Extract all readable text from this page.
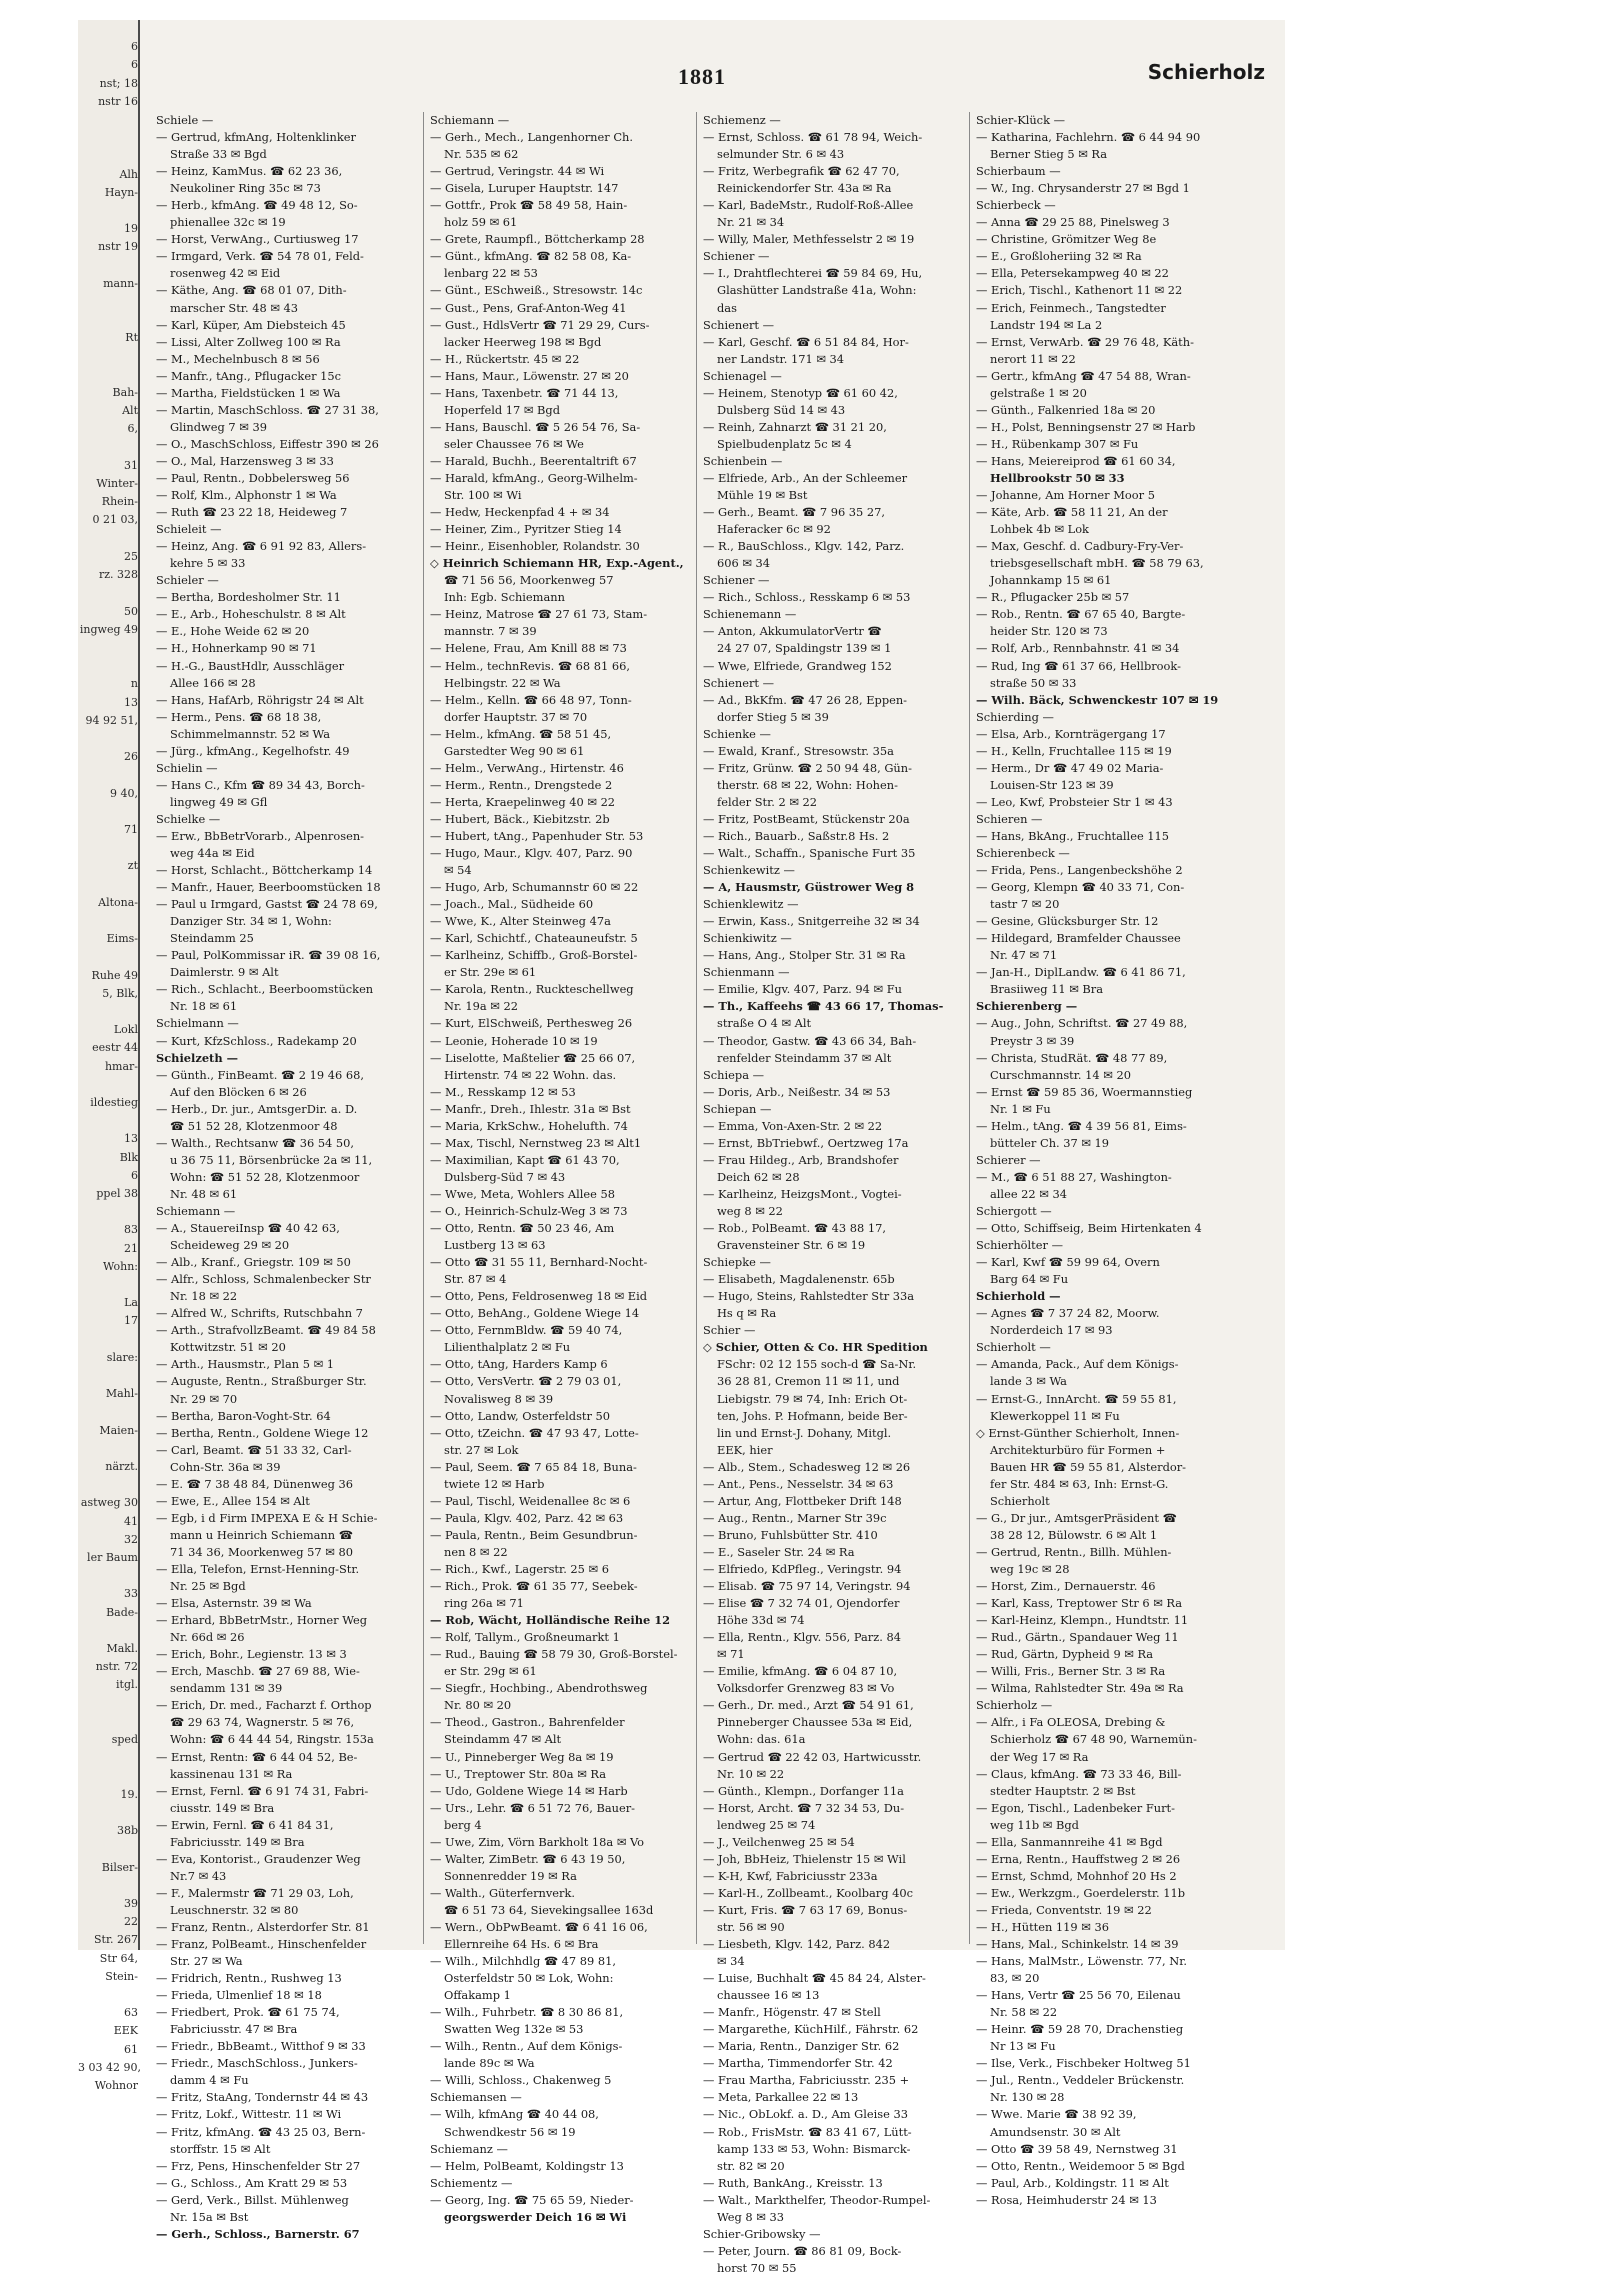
6
6
nst; 18
nstr 16

Alh
Hayn-

19
nstr 19

mann-

Rt

Bah-
Alt
6,

31
Winter-
Rhein-
0 21 03,

25
rz. 328

50
ingweg 49

n
13
94 92 51,

26

9 40,

71

zt

Altona-

Eims-

Ruhe 49
5, Blk,

Lokl
eestr 44
hmar-

ildestieg

13
Blk
6
ppel 38

83
21
Wohn:

La
17

slare:

Mahl-

Maien-

närzt.

astweg 30
41
32
ler Baum

33
Bade-

Makl.
nstr. 72
itgl.

sped

19.

38b

Bilser-

39
22
Str. 267
Str 64,
Stein-

63
EEK
61
3 03 42 90,
Wohnor
1881	Schierholz
Schiele —
— Gertrud, kfmAng, Holtenklinker
Straße 33 ✉ Bgd
— Heinz, KamMus. ☎ 62 23 36,
Neukoliner Ring 35c ✉ 73
— Herb., kfmAng. ☎ 49 48 12, So-
phienallee 32c ✉ 19
— Horst, VerwAng., Curtiusweg 17
— Irmgard, Verk. ☎ 54 78 01, Feld-
rosenweg 42 ✉ Eid
— Käthe, Ang. ☎ 68 01 07, Dith-
marscher Str. 48 ✉ 43
— Karl, Küper, Am Diebsteich 45
— Lissi, Alter Zollweg 100 ✉ Ra
— M., Mechelnbusch 8 ✉ 56
— Manfr., tAng., Pflugacker 15c
— Martha, Fieldstücken 1 ✉ Wa
— Martin, MaschSchloss. ☎ 27 31 38,
Glindweg 7 ✉ 39
— O., MaschSchloss, Eiffestr 390 ✉ 26
— O., Mal, Harzensweg 3 ✉ 33
— Paul, Rentn., Dobbelersweg 56
— Rolf, Klm., Alphonstr 1 ✉ Wa
— Ruth ☎ 23 22 18, Heideweg 7
Schieleit —
— Heinz, Ang. ☎ 6 91 92 83, Allers-
kehre 5 ✉ 33
Schieler —
— Bertha, Bordesholmer Str. 11
— E., Arb., Hoheschulstr. 8 ✉ Alt
— E., Hohe Weide 62 ✉ 20
— H., Hohnerkamp 90 ✉ 71
— H.-G., BaustHdlr, Ausschläger
Allee 166 ✉ 28
— Hans, HafArb, Röhrigstr 24 ✉ Alt
— Herm., Pens. ☎ 68 18 38,
Schimmelmannstr. 52 ✉ Wa
— Jürg., kfmAng., Kegelhofstr. 49
Schielin —
— Hans C., Kfm ☎ 89 34 43, Borch-
lingweg 49 ✉ Gfl
Schielke —
— Erw., BbBetrVorarb., Alpenrosen-
weg 44a ✉ Eid
— Horst, Schlacht., Böttcherkamp 14
— Manfr., Hauer, Beerboomstücken 18
— Paul u Irmgard, Gastst ☎ 24 78 69,
Danziger Str. 34 ✉ 1, Wohn:
Steindamm 25
— Paul, PolKommissar iR. ☎ 39 08 16,
Daimlerstr. 9 ✉ Alt
— Rich., Schlacht., Beerboomstücken
Nr. 18 ✉ 61
Schielmann —
— Kurt, KfzSchloss., Radekamp 20
Schielzeth —
— Günth., FinBeamt. ☎ 2 19 46 68,
Auf den Blöcken 6 ✉ 26
— Herb., Dr. jur., AmtsgerDir. a. D.
☎ 51 52 28, Klotzenmoor 48
— Walth., Rechtsanw ☎ 36 54 50,
u 36 75 11, Börsenbrücke 2a ✉ 11,
Wohn: ☎ 51 52 28, Klotzenmoor
Nr. 48 ✉ 61
Schiemann —
— A., StauereiInsp ☎ 40 42 63,
Scheideweg 29 ✉ 20
— Alb., Kranf., Griegstr. 109 ✉ 50
— Alfr., Schloss, Schmalenbecker Str
Nr. 18 ✉ 22
— Alfred W., Schrifts, Rutschbahn 7
— Arth., StrafvollzBeamt. ☎ 49 84 58
Kottwitzstr. 51 ✉ 20
— Arth., Hausmstr., Plan 5 ✉ 1
— Auguste, Rentn., Straßburger Str.
Nr. 29 ✉ 70
— Bertha, Baron-Voght-Str. 64
— Bertha, Rentn., Goldene Wiege 12
— Carl, Beamt. ☎ 51 33 32, Carl-
Cohn-Str. 36a ✉ 39
— E. ☎ 7 38 48 84, Dünenweg 36
— Ewe, E., Allee 154 ✉ Alt
— Egb, i d Firm IMPEXA E & H Schie-
mann u Heinrich Schiemann ☎
71 34 36, Moorkenweg 57 ✉ 80
— Ella, Telefon, Ernst-Henning-Str.
Nr. 25 ✉ Bgd
— Elsa, Asternstr. 39 ✉ Wa
— Erhard, BbBetrMstr., Horner Weg
Nr. 66d ✉ 26
— Erich, Bohr., Legienstr. 13 ✉ 3
— Erch, Maschb. ☎ 27 69 88, Wie-
sendamm 131 ✉ 39
— Erich, Dr. med., Facharzt f. Orthop
☎ 29 63 74, Wagnerstr. 5 ✉ 76,
Wohn: ☎ 6 44 44 54, Ringstr. 153a
— Ernst, Rentn: ☎ 6 44 04 52, Be-
kassinenau 131 ✉ Ra
— Ernst, Fernl. ☎ 6 91 74 31, Fabri-
ciusstr. 149 ✉ Bra
— Erwin, Fernl. ☎ 6 41 84 31,
Fabriciusstr. 149 ✉ Bra
— Eva, Kontorist., Graudenzer Weg
Nr.7 ✉ 43
— F., Malermstr ☎ 71 29 03, Loh,
Leuschnerstr. 32 ✉ 80
— Franz, Rentn., Alsterdorfer Str. 81
— Franz, PolBeamt., Hinschenfelder
Str. 27 ✉ Wa
— Fridrich, Rentn., Rushweg 13
— Frieda, Ulmenlief 18 ✉ 18
— Friedbert, Prok. ☎ 61 75 74,
Fabriciusstr. 47 ✉ Bra
— Friedr., BbBeamt., Witthof 9 ✉ 33
— Friedr., MaschSchloss., Junkers-
damm 4 ✉ Fu
— Fritz, StaAng, Tondernstr 44 ✉ 43
— Fritz, Lokf., Wittestr. 11 ✉ Wi
— Fritz, kfmAng. ☎ 43 25 03, Bern-
storffstr. 15 ✉ Alt
— Frz, Pens, Hinschenfelder Str 27
— G., Schloss., Am Kratt 29 ✉ 53
— Gerd, Verk., Billst. Mühlenweg
Nr. 15a ✉ Bst
— Gerh., Schloss., Barnerstr. 67
Schiemann —
— Gerh., Mech., Langenhorner Ch.
Nr. 535 ✉ 62
— Gertrud, Veringstr. 44 ✉ Wi
— Gisela, Luruper Hauptstr. 147
— Gottfr., Prok ☎ 58 49 58, Hain-
holz 59 ✉ 61
— Grete, Raumpfl., Böttcherkamp 28
— Günt., kfmAng. ☎ 82 58 08, Ka-
lenbarg 22 ✉ 53
— Günt., ESchweiß., Stresowstr. 14c
— Gust., Pens, Graf-Anton-Weg 41
— Gust., HdlsVertr ☎ 71 29 29, Curs-
lacker Heerweg 198 ✉ Bgd
— H., Rückertstr. 45 ✉ 22
— Hans, Maur., Löwenstr. 27 ✉ 20
— Hans, Taxenbetr. ☎ 71 44 13,
Hoperfeld 17 ✉ Bgd
— Hans, Bauschl. ☎ 5 26 54 76, Sa-
seler Chaussee 76 ✉ We
— Harald, Buchh., Beerentaltrift 67
— Harald, kfmAng., Georg-Wilhelm-
Str. 100 ✉ Wi
— Hedw, Heckenpfad 4 + ✉ 34
— Heiner, Zim., Pyritzer Stieg 14
— Heinr., Eisenhobler, Rolandstr. 30
◇ Heinrich Schiemann HR, Exp.-Agent.,
☎ 71 56 56, Moorkenweg 57
Inh: Egb. Schiemann
— Heinz, Matrose ☎ 27 61 73, Stam-
mannstr. 7 ✉ 39
— Helene, Frau, Am Knill 88 ✉ 73
— Helm., technRevis. ☎ 68 81 66,
Helbingstr. 22 ✉ Wa
— Helm., Kelln. ☎ 66 48 97, Tonn-
dorfer Hauptstr. 37 ✉ 70
— Helm., kfmAng. ☎ 58 51 45,
Garstedter Weg 90 ✉ 61
— Helm., VerwAng., Hirtenstr. 46
— Herm., Rentn., Drengstede 2
— Herta, Kraepelinweg 40 ✉ 22
— Hubert, Bäck., Kiebitzstr. 2b
— Hubert, tAng., Papenhuder Str. 53
— Hugo, Maur., Klgv. 407, Parz. 90
✉ 54
— Hugo, Arb, Schumannstr 60 ✉ 22
— Joach., Mal., Südheide 60
— Wwe, K., Alter Steinweg 47a
— Karl, Schichtf., Chateauneufstr. 5
— Karlheinz, Schiffb., Groß-Borstel-
er Str. 29e ✉ 61
— Karola, Rentn., Ruckteschellweg
Nr. 19a ✉ 22
— Kurt, ElSchweiß, Perthesweg 26
— Leonie, Hoherade 10 ✉ 19
— Liselotte, Maßtelier ☎ 25 66 07,
Hirtenstr. 74 ✉ 22 Wohn. das.
— M., Resskamp 12 ✉ 53
— Manfr., Dreh., Ihlestr. 31a ✉ Bst
— Maria, KrkSchw., Hohelufth. 74
— Max, Tischl, Nernstweg 23 ✉ Alt1
— Maximilian, Kapt ☎ 61 43 70,
Dulsberg-Süd 7 ✉ 43
— Wwe, Meta, Wohlers Allee 58
— O., Heinrich-Schulz-Weg 3 ✉ 73
— Otto, Rentn. ☎ 50 23 46, Am
Lustberg 13 ✉ 63
— Otto ☎ 31 55 11, Bernhard-Nocht-
Str. 87 ✉ 4
— Otto, Pens, Feldrosenweg 18 ✉ Eid
— Otto, BehAng., Goldene Wiege 14
— Otto, FernmBldw. ☎ 59 40 74,
Lilienthalplatz 2 ✉ Fu
— Otto, tAng, Harders Kamp 6
— Otto, VersVertr. ☎ 2 79 03 01,
Novalisweg 8 ✉ 39
— Otto, Landw, Osterfeldstr 50
— Otto, tZeichn. ☎ 47 93 47, Lotte-
str. 27 ✉ Lok
— Paul, Seem. ☎ 7 65 84 18, Buna-
twiete 12 ✉ Harb
— Paul, Tischl, Weidenallee 8c ✉ 6
— Paula, Klgv. 402, Parz. 42 ✉ 63
— Paula, Rentn., Beim Gesundbrun-
nen 8 ✉ 22
— Rich., Kwf., Lagerstr. 25 ✉ 6
— Rich., Prok. ☎ 61 35 77, Seebek-
ring 26a ✉ 71
— Rob, Wächt, Holländische Reihe 12
— Rolf, Tallym., Großneumarkt 1
— Rud., Bauing ☎ 58 79 30, Groß-Borstel-
er Str. 29g ✉ 61
— Siegfr., Hochbing., Abendrothsweg
Nr. 80 ✉ 20
— Theod., Gastron., Bahrenfelder
Steindamm 47 ✉ Alt
— U., Pinneberger Weg 8a ✉ 19
— U., Treptower Str. 80a ✉ Ra
— Udo, Goldene Wiege 14 ✉ Harb
— Urs., Lehr. ☎ 6 51 72 76, Bauer-
berg 4
— Uwe, Zim, Vörn Barkholt 18a ✉ Vo
— Walter, ZimBetr. ☎ 6 43 19 50,
Sonnenredder 19 ✉ Ra
— Walth., Güterfernverk.
☎ 6 51 73 64, Sievekingsallee 163d
— Wern., ObPwBeamt. ☎ 6 41 16 06,
Ellernreihe 64 Hs. 6 ✉ Bra
— Wilh., Milchhdlg ☎ 47 89 81,
Osterfeldstr 50 ✉ Lok, Wohn:
Offakamp 1
— Wilh., Fuhrbetr. ☎ 8 30 86 81,
Swatten Weg 132e ✉ 53
— Wilh., Rentn., Auf dem Königs-
lande 89c ✉ Wa
— Willi, Schloss., Chakenweg 5
Schiemansen —
— Wilh, kfmAng ☎ 40 44 08,
Schwendkestr 56 ✉ 19
Schiemanz —
— Helm, PolBeamt, Koldingstr 13
Schiementz —
— Georg, Ing. ☎ 75 65 59, Nieder-
georgswerder Deich 16 ✉ Wi
Schiemenz —
— Ernst, Schloss. ☎ 61 78 94, Weich-
selmunder Str. 6 ✉ 43
— Fritz, Werbegrafik ☎ 62 47 70,
Reinickendorfer Str. 43a ✉ Ra
— Karl, BadeMstr., Rudolf-Roß-Allee
Nr. 21 ✉ 34
— Willy, Maler, Methfesselstr 2 ✉ 19
Schiener —
— I., Drahtflechterei ☎ 59 84 69, Hu,
Glashütter Landstraße 41a, Wohn:
das
Schienert —
— Karl, Geschf. ☎ 6 51 84 84, Hor-
ner Landstr. 171 ✉ 34
Schienagel —
— Heinem, Stenotyp ☎ 61 60 42,
Dulsberg Süd 14 ✉ 43
— Reinh, Zahnarzt ☎ 31 21 20,
Spielbudenplatz 5c ✉ 4
Schienbein —
— Elfriede, Arb., An der Schleemer
Mühle 19 ✉ Bst
— Gerh., Beamt. ☎ 7 96 35 27,
Haferacker 6c ✉ 92
— R., BauSchloss., Klgv. 142, Parz.
606 ✉ 34
Schiener —
— Rich., Schloss., Resskamp 6 ✉ 53
Schienemann —
— Anton, AkkumulatorVertr ☎
24 27 07, Spaldingstr 139 ✉ 1
— Wwe, Elfriede, Grandweg 152
Schienert —
— Ad., BkKfm. ☎ 47 26 28, Eppen-
dorfer Stieg 5 ✉ 39
Schienke —
— Ewald, Kranf., Stresowstr. 35a
— Fritz, Grünw. ☎ 2 50 94 48, Gün-
therstr. 68 ✉ 22, Wohn: Hohen-
felder Str. 2 ✉ 22
— Fritz, PostBeamt, Stückenstr 20a
— Rich., Bauarb., Saßstr.8 Hs. 2
— Walt., Schaffn., Spanische Furt 35
Schienkewitz —
— A, Hausmstr, Güstrower Weg 8
Schienklewitz —
— Erwin, Kass., Snitgerreihe 32 ✉ 34
Schienkiwitz —
— Hans, Ang., Stolper Str. 31 ✉ Ra
Schienmann —
— Emilie, Klgv. 407, Parz. 94 ✉ Fu
— Th., Kaffeehs ☎ 43 66 17, Thomas-
straße O 4 ✉ Alt
— Theodor, Gastw. ☎ 43 66 34, Bah-
renfelder Steindamm 37 ✉ Alt
Schiepa —
— Doris, Arb., Neißestr. 34 ✉ 53
Schiepan —
— Emma, Von-Axen-Str. 2 ✉ 22
— Ernst, BbTriebwf., Oertzweg 17a
— Frau Hildeg., Arb, Brandshofer
Deich 62 ✉ 28
— Karlheinz, HeizgsMont., Vogtei-
weg 8 ✉ 22
— Rob., PolBeamt. ☎ 43 88 17,
Gravensteiner Str. 6 ✉ 19
Schiepke —
— Elisabeth, Magdalenenstr. 65b
— Hugo, Steins, Rahlstedter Str 33a
Hs q ✉ Ra
Schier —
◇ Schier, Otten & Co. HR Spedition
FSchr: 02 12 155 soch-d ☎ Sa-Nr.
36 28 81, Cremon 11 ✉ 11, und
Liebigstr. 79 ✉ 74, Inh: Erich Ot-
ten, Johs. P. Hofmann, beide Ber-
lin und Ernst-J. Dohany, Mitgl.
EEK, hier
— Alb., Stem., Schadesweg 12 ✉ 26
— Ant., Pens., Nesselstr. 34 ✉ 63
— Artur, Ang, Flottbeker Drift 148
— Aug., Rentn., Marner Str 39c
— Bruno, Fuhlsbütter Str. 410
— E., Saseler Str. 24 ✉ Ra
— Elfriedo, KdPfleg., Veringstr. 94
— Elisab. ☎ 75 97 14, Veringstr. 94
— Elise ☎ 7 32 74 01, Ojendorfer
Höhe 33d ✉ 74
— Ella, Rentn., Klgv. 556, Parz. 84
✉ 71
— Emilie, kfmAng. ☎ 6 04 87 10,
Volksdorfer Grenzweg 83 ✉ Vo
— Gerh., Dr. med., Arzt ☎ 54 91 61,
Pinneberger Chaussee 53a ✉ Eid,
Wohn: das. 61a
— Gertrud ☎ 22 42 03, Hartwicusstr.
Nr. 10 ✉ 22
— Günth., Klempn., Dorfanger 11a
— Horst, Archt. ☎ 7 32 34 53, Du-
lendweg 25 ✉ 74
— J., Veilchenweg 25 ✉ 54
— Joh, BbHeiz, Thielenstr 15 ✉ Wil
— K-H, Kwf, Fabriciusstr 233a
— Karl-H., Zollbeamt., Koolbarg 40c
— Kurt, Fris. ☎ 7 63 17 69, Bonus-
str. 56 ✉ 90
— Liesbeth, Klgv. 142, Parz. 842
✉ 34
— Luise, Buchhalt ☎ 45 84 24, Alster-
chaussee 16 ✉ 13
— Manfr., Högenstr. 47 ✉ Stell
— Margarethe, KüchHilf., Fährstr. 62
— Maria, Rentn., Danziger Str. 62
— Martha, Timmendorfer Str. 42
— Frau Martha, Fabriciusstr. 235 +
— Meta, Parkallee 22 ✉ 13
— Nic., ObLokf. a. D., Am Gleise 33
— Rob., FrisMstr. ☎ 83 41 67, Lütt-
kamp 133 ✉ 53, Wohn: Bismarck-
str. 82 ✉ 20
— Ruth, BankAng., Kreisstr. 13
— Walt., Markthelfer, Theodor-Rumpel-
Weg 8 ✉ 33
Schier-Gribowsky —
— Peter, Journ. ☎ 86 81 09, Bock-
horst 70 ✉ 55
Schier-Klück —
— Katharina, Fachlehrn. ☎ 6 44 94 90
Berner Stieg 5 ✉ Ra
Schierbaum —
— W., Ing. Chrysanderstr 27 ✉ Bgd 1
Schierbeck —
— Anna ☎ 29 25 88, Pinelsweg 3
— Christine, Grömitzer Weg 8e
— E., Großloheriing 32 ✉ Ra
— Ella, Petersekampweg 40 ✉ 22
— Erich, Tischl., Kathenort 11 ✉ 22
— Erich, Feinmech., Tangstedter
Landstr 194 ✉ La 2
— Ernst, VerwArb. ☎ 29 76 48, Käth-
nerort 11 ✉ 22
— Gertr., kfmAng ☎ 47 54 88, Wran-
gelstraße 1 ✉ 20
— Günth., Falkenried 18a ✉ 20
— H., Polst, Benningsenstr 27 ✉ Harb
— H., Rübenkamp 307 ✉ Fu
— Hans, Meiereiprod ☎ 61 60 34,
Hellbrookstr 50 ✉ 33
— Johanne, Am Horner Moor 5
— Käte, Arb. ☎ 58 11 21, An der
Lohbek 4b ✉ Lok
— Max, Geschf. d. Cadbury-Fry-Ver-
triebsgesellschaft mbH. ☎ 58 79 63,
Johannkamp 15 ✉ 61
— R., Pflugacker 25b ✉ 57
— Rob., Rentn. ☎ 67 65 40, Bargte-
heider Str. 120 ✉ 73
— Rolf, Arb., Rennbahnstr. 41 ✉ 34
— Rud, Ing ☎ 61 37 66, Hellbrook-
straße 50 ✉ 33
— Wilh. Bäck, Schwenckestr 107 ✉ 19
Schierding —
— Elsa, Arb., Kornträgergang 17
— H., Kelln, Fruchtallee 115 ✉ 19
— Herm., Dr ☎ 47 49 02 Maria-
Louisen-Str 123 ✉ 39
— Leo, Kwf, Probsteier Str 1 ✉ 43
Schieren —
— Hans, BkAng., Fruchtallee 115
Schierenbeck —
— Frida, Pens., Langenbeckshöhe 2
— Georg, Klempn ☎ 40 33 71, Con-
tastr 7 ✉ 20
— Gesine, Glücksburger Str. 12
— Hildegard, Bramfelder Chaussee
Nr. 47 ✉ 71
— Jan-H., DiplLandw. ☎ 6 41 86 71,
Brasiiweg 11 ✉ Bra
Schierenberg —
— Aug., John, Schriftst. ☎ 27 49 88,
Preystr 3 ✉ 39
— Christa, StudRät. ☎ 48 77 89,
Curschmannstr. 14 ✉ 20
— Ernst ☎ 59 85 36, Woermannstieg
Nr. 1 ✉ Fu
— Helm., tAng. ☎ 4 39 56 81, Eims-
bütteler Ch. 37 ✉ 19
Schierer —
— M., ☎ 6 51 88 27, Washington-
allee 22 ✉ 34
Schiergott —
— Otto, Schiffseig, Beim Hirtenkaten 4
Schierhölter —
— Karl, Kwf ☎ 59 99 64, Overn
Barg 64 ✉ Fu
Schierhold —
— Agnes ☎ 7 37 24 82, Moorw.
Norderdeich 17 ✉ 93
Schierholt —
— Amanda, Pack., Auf dem Königs-
lande 3 ✉ Wa
— Ernst-G., InnArcht. ☎ 59 55 81,
Klewerkoppel 11 ✉ Fu
◇ Ernst-Günther Schierholt, Innen-
Architekturbüro für Formen +
Bauen HR ☎ 59 55 81, Alsterdor-
fer Str. 484 ✉ 63, Inh: Ernst-G.
Schierholt
— G., Dr jur., AmtsgerPräsident ☎
38 28 12, Bülowstr. 6 ✉ Alt 1
— Gertrud, Rentn., Billh. Mühlen-
weg 19c ✉ 28
— Horst, Zim., Dernauerstr. 46
— Karl, Kass, Treptower Str 6 ✉ Ra
— Karl-Heinz, Klempn., Hundtstr. 11
— Rud., Gärtn., Spandauer Weg 11
— Rud, Gärtn, Dypheid 9 ✉ Ra
— Willi, Fris., Berner Str. 3 ✉ Ra
— Wilma, Rahlstedter Str. 49a ✉ Ra
Schierholz —
— Alfr., i Fa OLEOSA, Drebing &
Schierholz ☎ 67 48 90, Warnemün-
der Weg 17 ✉ Ra
— Claus, kfmAng. ☎ 73 33 46, Bill-
stedter Hauptstr. 2 ✉ Bst
— Egon, Tischl., Ladenbeker Furt-
weg 11b ✉ Bgd
— Ella, Sanmannreihe 41 ✉ Bgd
— Erna, Rentn., Hauffstweg 2 ✉ 26
— Ernst, Schmd, Mohnhof 20 Hs 2
— Ew., Werkzgm., Goerdelerstr. 11b
— Frieda, Conventstr. 19 ✉ 22
— H., Hütten 119 ✉ 36
— Hans, Mal., Schinkelstr. 14 ✉ 39
— Hans, MalMstr., Löwenstr. 77, Nr.
83, ✉ 20
— Hans, Vertr ☎ 25 56 70, Eilenau
Nr. 58 ✉ 22
— Heinr. ☎ 59 28 70, Drachenstieg
Nr 13 ✉ Fu
— Ilse, Verk., Fischbeker Holtweg 51
— Jul., Rentn., Veddeler Brückenstr.
Nr. 130 ✉ 28
— Wwe. Marie ☎ 38 92 39,
Amundsenstr. 30 ✉ Alt
— Otto ☎ 39 58 49, Nernstweg 31
— Otto, Rentn., Weidemoor 5 ✉ Bgd
— Paul, Arb., Koldingstr. 11 ✉ Alt
— Rosa, Heimhuderstr 24 ✉ 13
